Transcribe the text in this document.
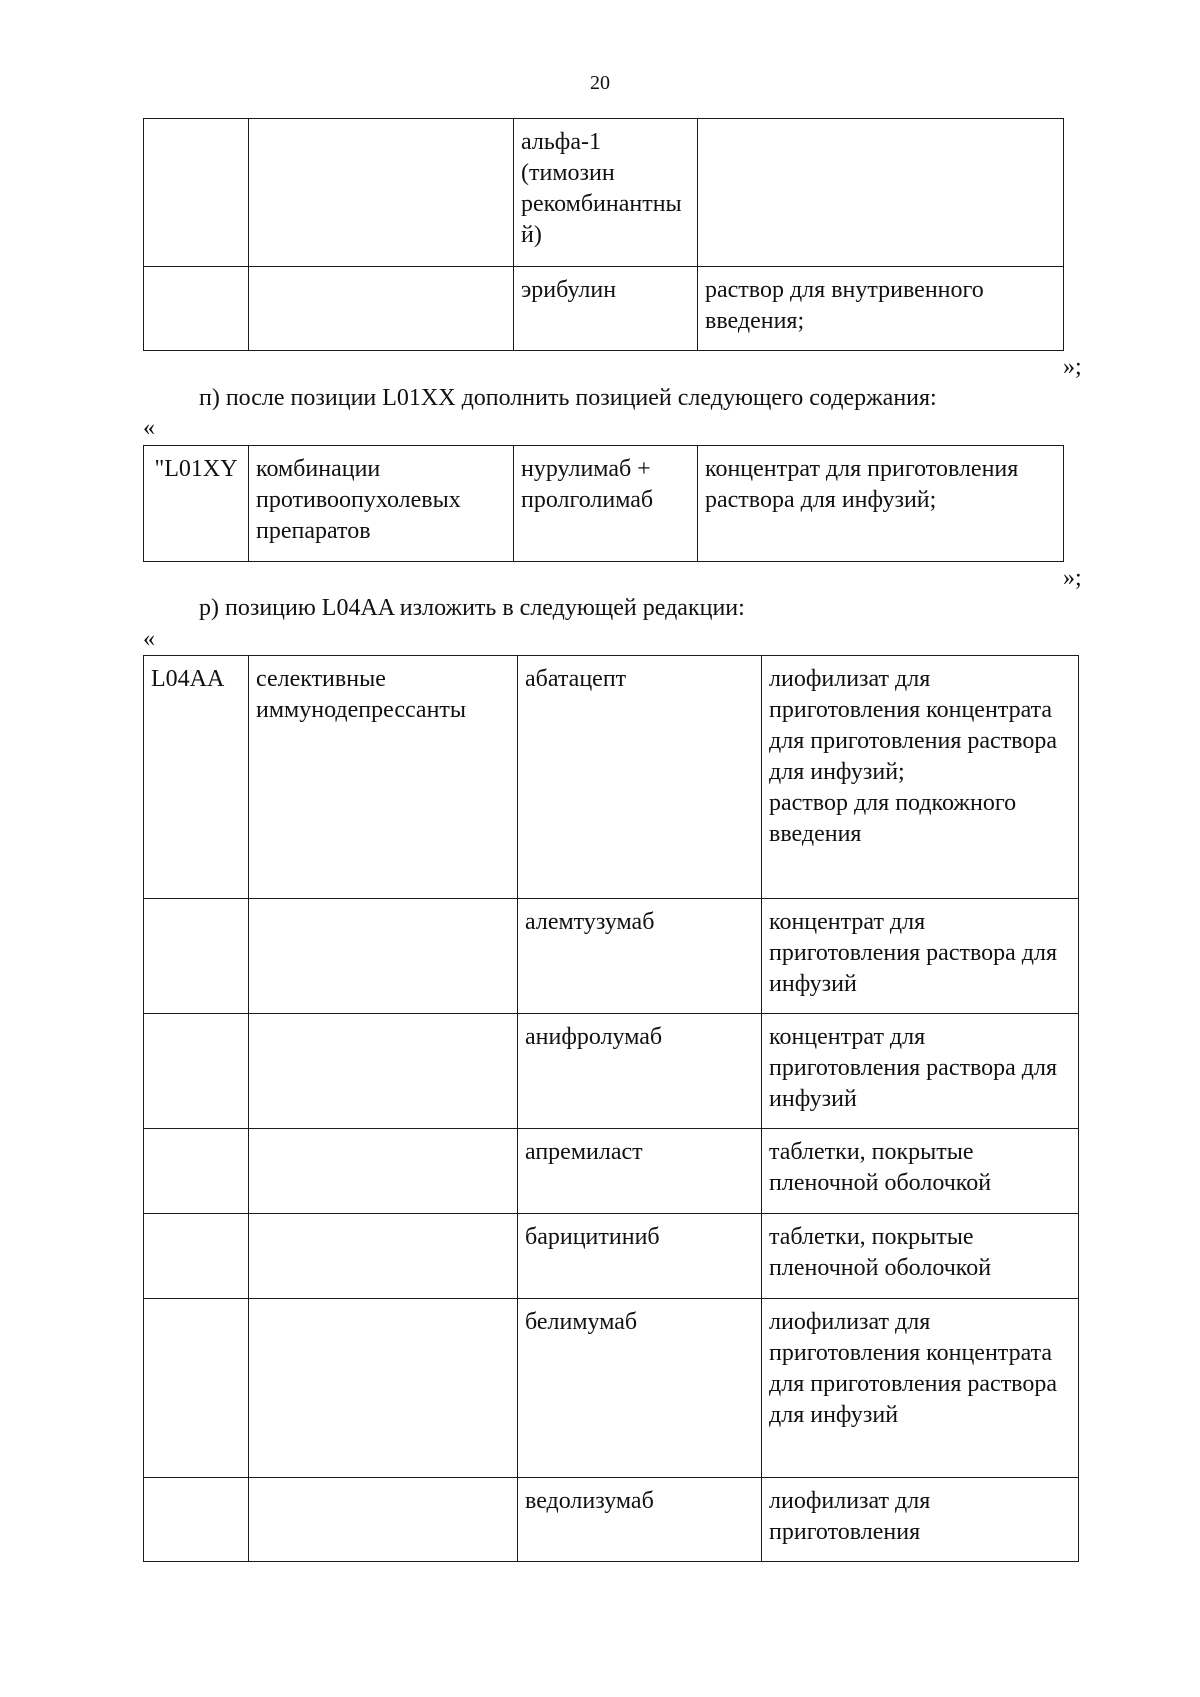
20
		альфа-1 (тимозин рекомбинантный)	
		эрибулин	раствор для внутривенного введения;
»;
п) после позиции L01XX дополнить позицией следующего содержания:
«
"L01XY	комбинации противоопухолевых препаратов	нурулимаб + пролголимаб	концентрат для приготовления раствора для инфузий;
»;
р) позицию L04AA изложить в следующей редакции:
«
L04AA	селективные иммунодепрессанты	абатацепт	лиофилизат для приготовления концентрата для приготовления раствора для инфузий;
раствор для подкожного введения
		алемтузумаб	концентрат для приготовления раствора для инфузий
		анифролумаб	концентрат для приготовления раствора для инфузий
		апремиласт	таблетки, покрытые пленочной оболочкой
		барицитиниб	таблетки, покрытые пленочной оболочкой
		белимумаб	лиофилизат для приготовления концентрата для приготовления раствора для инфузий
		ведолизумаб	лиофилизат для приготовления
